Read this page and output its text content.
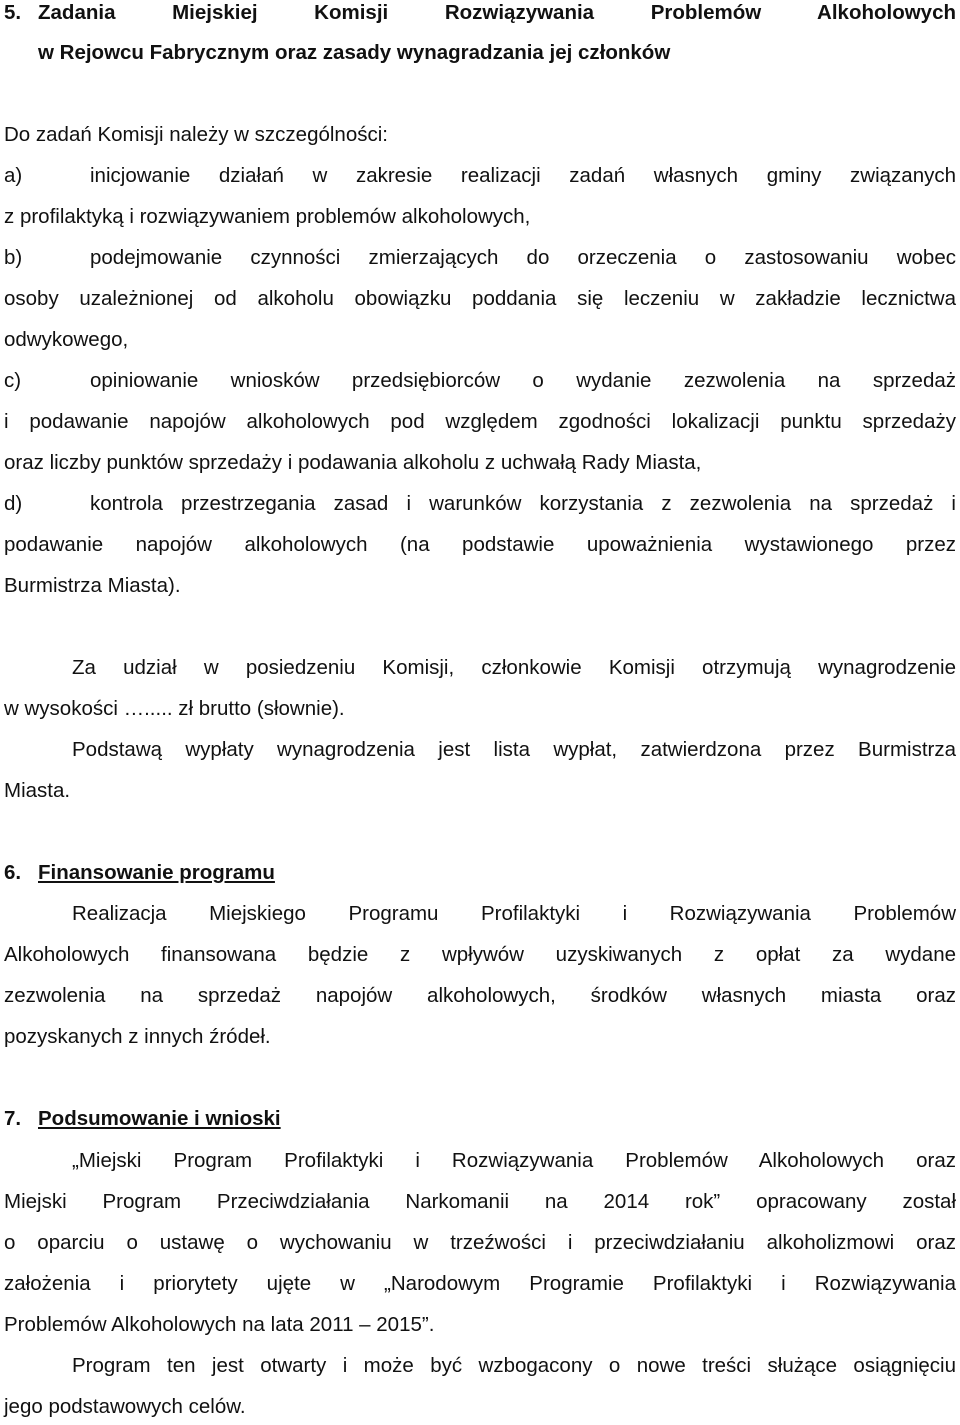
5. Zadania Miejskiej Komisji Rozwiązywania Problemów Alkoholowych
w Rejowcu Fabrycznym oraz zasady wynagradzania jej członków
Do zadań Komisji należy w szczególności:
a)	inicjowanie działań w zakresie realizacji zadań własnych gminy związanych
z profilaktyką i rozwiązywaniem problemów alkoholowych,
b)	podejmowanie czynności zmierzających do orzeczenia o zastosowaniu wobec
osoby uzależnionej od alkoholu obowiązku poddania się leczeniu w zakładzie lecznictwa
odwykowego,
c)	opiniowanie wniosków przedsiębiorców o wydanie zezwolenia na sprzedaż
i podawanie napojów alkoholowych pod względem zgodności lokalizacji punktu sprzedaży
oraz liczby punktów sprzedaży i podawania alkoholu z uchwałą Rady Miasta,
d)	kontrola przestrzegania zasad i warunków korzystania z zezwolenia na sprzedaż i
podawanie napojów alkoholowych (na podstawie upoważnienia wystawionego przez
Burmistrza Miasta).
Za udział w posiedzeniu Komisji, członkowie Komisji otrzymują wynagrodzenie
w wysokości …..... zł brutto (słownie).
Podstawą wypłaty wynagrodzenia jest lista wypłat, zatwierdzona przez Burmistrza
Miasta.
6. Finansowanie programu
Realizacja Miejskiego Programu Profilaktyki i Rozwiązywania Problemów
Alkoholowych finansowana będzie z wpływów uzyskiwanych z opłat za wydane
zezwolenia na sprzedaż napojów alkoholowych, środków własnych miasta oraz
pozyskanych z innych źródeł.
7. Podsumowanie i wnioski
„Miejski Program Profilaktyki i Rozwiązywania Problemów Alkoholowych oraz
Miejski Program Przeciwdziałania Narkomanii na 2014 rok” opracowany został
o oparciu o ustawę o wychowaniu w trzeźwości i przeciwdziałaniu alkoholizmowi oraz
założenia i priorytety ujęte w „Narodowym Programie Profilaktyki i Rozwiązywania
Problemów Alkoholowych na lata 2011 – 2015”.
Program ten jest otwarty i może być wzbogacony o nowe treści służące osiągnięciu
jego podstawowych celów.
